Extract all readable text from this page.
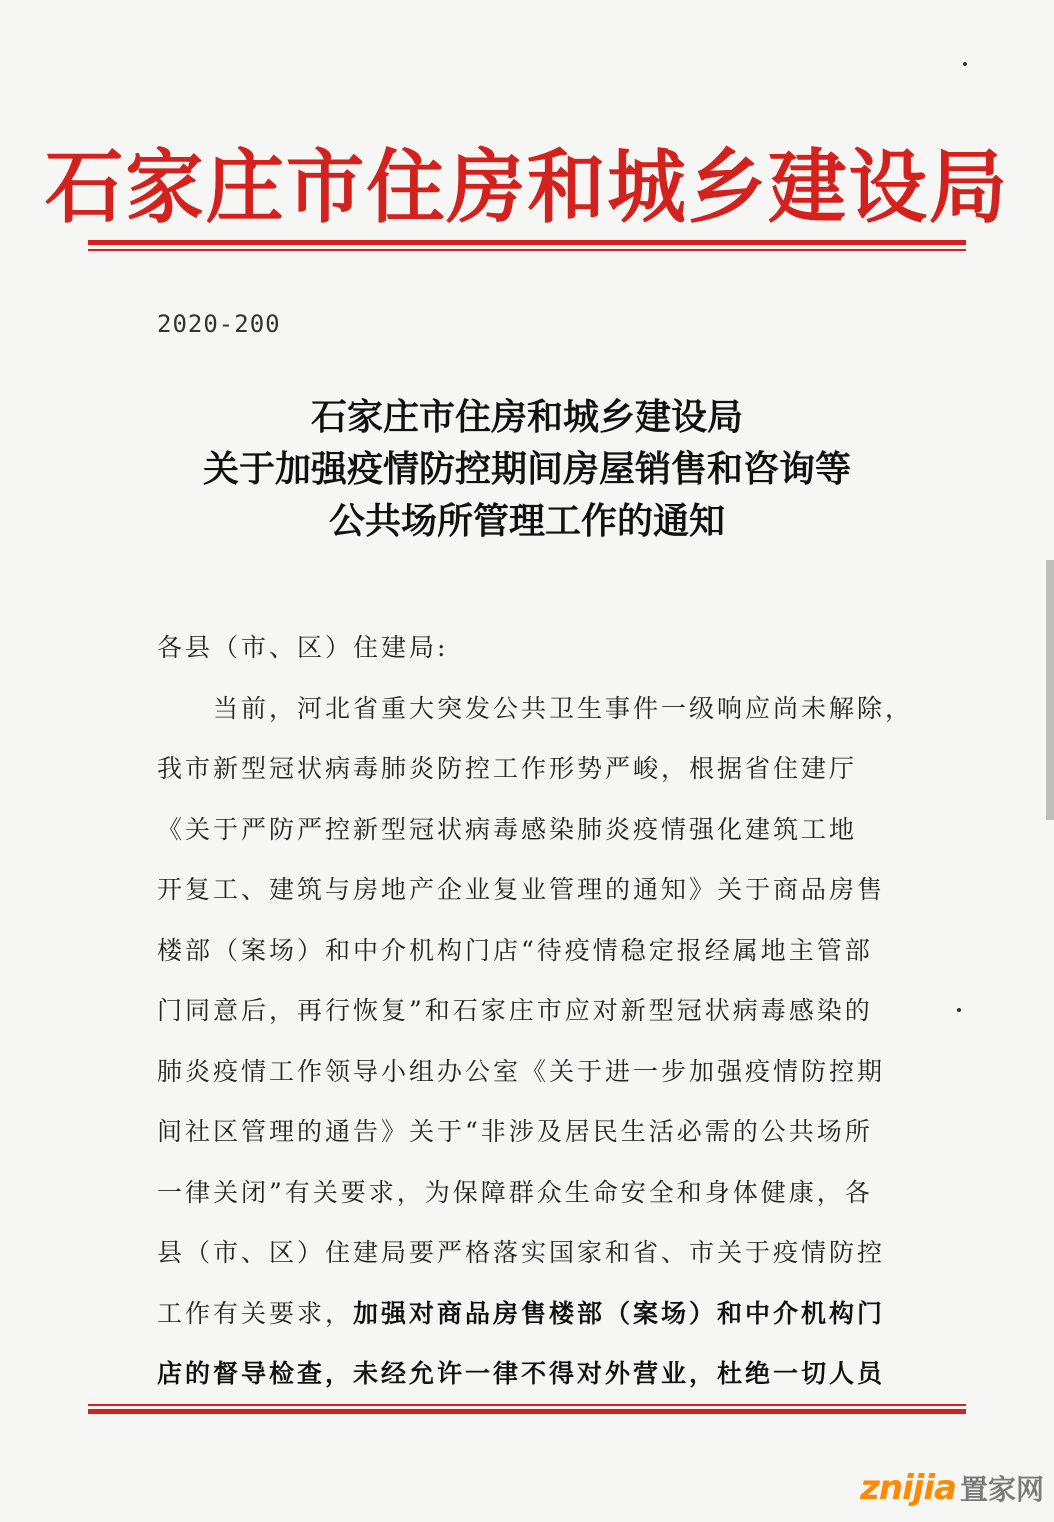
石家庄市住房和城乡建设局
2020-200
石家庄市住房和城乡建设局
关于加强疫情防控期间房屋销售和咨询等
公共场所管理工作的通知
各县（市、区）住建局:
当前，河北省重大突发公共卫生事件一级响应尚未解除，
我市新型冠状病毒肺炎防控工作形势严峻，根据省住建厅
《关于严防严控新型冠状病毒感染肺炎疫情强化建筑工地
开复工、建筑与房地产企业复业管理的通知》关于商品房售
楼部（案场）和中介机构门店“待疫情稳定报经属地主管部
门同意后，再行恢复”和石家庄市应对新型冠状病毒感染的
肺炎疫情工作领导小组办公室《关于进一步加强疫情防控期
间社区管理的通告》关于“非涉及居民生活必需的公共场所
一律关闭”有关要求，为保障群众生命安全和身体健康，各
县（市、区）住建局要严格落实国家和省、市关于疫情防控
工作有关要求，加强对商品房售楼部（案场）和中介机构门
店的督导检查，未经允许一律不得对外营业，杜绝一切人员
znijia 置家网
